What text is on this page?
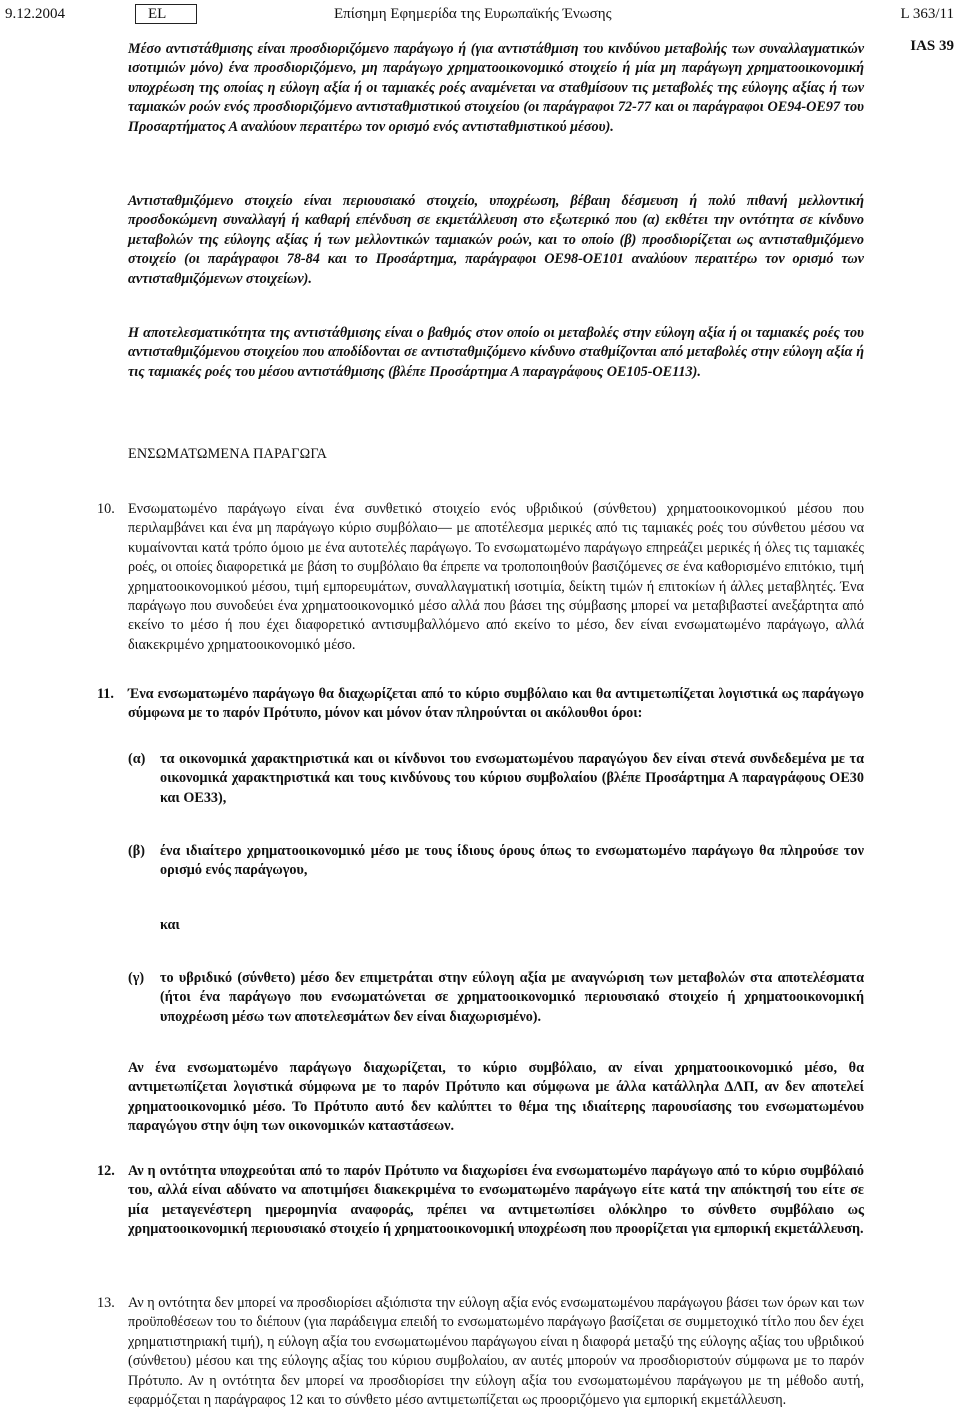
9.12.2004	EL	Επίσημη Εφημερίδα της Ευρωπαϊκής Ένωσης	L 363/11
IAS 39
Μέσο αντιστάθμισης είναι προσδιοριζόμενο παράγωγο ή (για αντιστάθμιση του κινδύνου μεταβολής των συναλλαγματικών ισοτιμιών μόνο) ένα προσδιοριζόμενο, μη παράγωγο χρηματοοικονομικό στοιχείο ή μία μη παράγωγη χρηματοοικονομική υποχρέωση της οποίας η εύλογη αξία ή οι ταμιακές ροές αναμένεται να σταθμίσουν τις μεταβολές της εύλογης αξίας ή των ταμιακών ροών ενός προσδιοριζόμενο αντισταθμιστικού στοιχείου (οι παράγραφοι 72-77 και οι παράγραφοι ΟΕ94-ΟΕ97 του Προσαρτήματος Α αναλύουν περαιτέρω τον ορισμό ενός αντισταθμιστικού μέσου).
Αντισταθμιζόμενο στοιχείο είναι περιουσιακό στοιχείο, υποχρέωση, βέβαιη δέσμευση ή πολύ πιθανή μελλοντική προσδοκώμενη συναλλαγή ή καθαρή επένδυση σε εκμετάλλευση στο εξωτερικό που (α) εκθέτει την οντότητα σε κίνδυνο μεταβολών της εύλογης αξίας ή των μελλοντικών ταμιακών ροών, και το οποίο (β) προσδιορίζεται ως αντισταθμιζόμενο στοιχείο (οι παράγραφοι 78-84 και το Προσάρτημα, παράγραφοι ΟΕ98-ΟΕ101 αναλύουν περαιτέρω τον ορισμό των αντισταθμιζόμενων στοιχείων).
Η αποτελεσματικότητα της αντιστάθμισης είναι ο βαθμός στον οποίο οι μεταβολές στην εύλογη αξία ή οι ταμιακές ροές του αντισταθμιζόμενου στοιχείου που αποδίδονται σε αντισταθμιζόμενο κίνδυνο σταθμίζονται από μεταβολές στην εύλογη αξία ή τις ταμιακές ροές του μέσου αντιστάθμισης (βλέπε Προσάρτημα Α παραγράφους ΟΕ105-ΟΕ113).
ΕΝΣΩΜΑΤΩΜΕΝΑ ΠΑΡΑΓΩΓΑ
10. Ενσωματωμένο παράγωγο είναι ένα συνθετικό στοιχείο ενός υβριδικού (σύνθετου) χρηματοοικονομικού μέσου που περιλαμβάνει και ένα μη παράγωγο κύριο συμβόλαιο— με αποτέλεσμα μερικές από τις ταμιακές ροές του σύνθετου μέσου να κυμαίνονται κατά τρόπο όμοιο με ένα αυτοτελές παράγωγο. Το ενσωματωμένο παράγωγο επηρεάζει μερικές ή όλες τις ταμιακές ροές, οι οποίες διαφορετικά με βάση το συμβόλαιο θα έπρεπε να τροποποιηθούν βασιζόμενες σε ένα καθορισμένο επιτόκιο, τιμή χρηματοοικονομικού μέσου, τιμή εμπορευμάτων, συναλλαγματική ισοτιμία, δείκτη τιμών ή επιτοκίων ή άλλες μεταβλητές. Ένα παράγωγο που συνοδεύει ένα χρηματοοικονομικό μέσο αλλά που βάσει της σύμβασης μπορεί να μεταβιβαστεί ανεξάρτητα από εκείνο το μέσο ή που έχει διαφορετικό αντισυμβαλλόμενο από εκείνο το μέσο, δεν είναι ενσωματωμένο παράγωγο, αλλά διακεκριμένο χρηματοοικονομικό μέσο.
11. Ένα ενσωματωμένο παράγωγο θα διαχωρίζεται από το κύριο συμβόλαιο και θα αντιμετωπίζεται λογιστικά ως παράγωγο σύμφωνα με το παρόν Πρότυπο, μόνον και μόνον όταν πληρούνται οι ακόλουθοι όροι:
(α) τα οικονομικά χαρακτηριστικά και οι κίνδυνοι του ενσωματωμένου παραγώγου δεν είναι στενά συνδεδεμένα με τα οικονομικά χαρακτηριστικά και τους κινδύνους του κύριου συμβολαίου (βλέπε Προσάρτημα Α παραγράφους ΟΕ30 και ΟΕ33),
(β) ένα ιδιαίτερο χρηματοοικονομικό μέσο με τους ίδιους όρους όπως το ενσωματωμένο παράγωγο θα πληρούσε τον ορισμό ενός παράγωγου,
και
(γ) το υβριδικό (σύνθετο) μέσο δεν επιμετράται στην εύλογη αξία με αναγνώριση των μεταβολών στα αποτελέσματα (ήτοι ένα παράγωγο που ενσωματώνεται σε χρηματοοικονομικό περιουσιακό στοιχείο ή χρηματοοικονομική υποχρέωση μέσω των αποτελεσμάτων δεν είναι διαχωρισμένο).
Αν ένα ενσωματωμένο παράγωγο διαχωρίζεται, το κύριο συμβόλαιο, αν είναι χρηματοοικονομικό μέσο, θα αντιμετωπίζεται λογιστικά σύμφωνα με το παρόν Πρότυπο και σύμφωνα με άλλα κατάλληλα ΔΛΠ, αν δεν αποτελεί χρηματοοικονομικό μέσο. Το Πρότυπο αυτό δεν καλύπτει το θέμα της ιδιαίτερης παρουσίασης του ενσωματωμένου παραγώγου στην όψη των οικονομικών καταστάσεων.
12. Αν η οντότητα υποχρεούται από το παρόν Πρότυπο να διαχωρίσει ένα ενσωματωμένο παράγωγο από το κύριο συμβόλαιό του, αλλά είναι αδύνατο να αποτιμήσει διακεκριμένα το ενσωματωμένο παράγωγο είτε κατά την απόκτησή του είτε σε μία μεταγενέστερη ημερομηνία αναφοράς, πρέπει να αντιμετωπίσει ολόκληρο το σύνθετο συμβόλαιο ως χρηματοοικονομική περιουσιακό στοιχείο ή χρηματοοικονομική υποχρέωση που προορίζεται για εμπορική εκμετάλλευση.
13. Αν η οντότητα δεν μπορεί να προσδιορίσει αξιόπιστα την εύλογη αξία ενός ενσωματωμένου παράγωγου βάσει των όρων και των προϋποθέσεων του το διέπουν (για παράδειγμα επειδή το ενσωματωμένο παράγωγο βασίζεται σε συμμετοχικό τίτλο που δεν έχει χρηματιστηριακή τιμή), η εύλογη αξία του ενσωματωμένου παράγωγου είναι η διαφορά μεταξύ της εύλογης αξίας του υβριδικού (σύνθετου) μέσου και της εύλογης αξίας του κύριου συμβολαίου, αν αυτές μπορούν να προσδιοριστούν σύμφωνα με το παρόν Πρότυπο. Αν η οντότητα δεν μπορεί να προσδιορίσει την εύλογη αξία του ενσωματωμένου παράγωγου με τη μέθοδο αυτή, εφαρμόζεται η παράγραφος 12 και το σύνθετο μέσο αντιμετωπίζεται ως προοριζόμενο για εμπορική εκμετάλλευση.
